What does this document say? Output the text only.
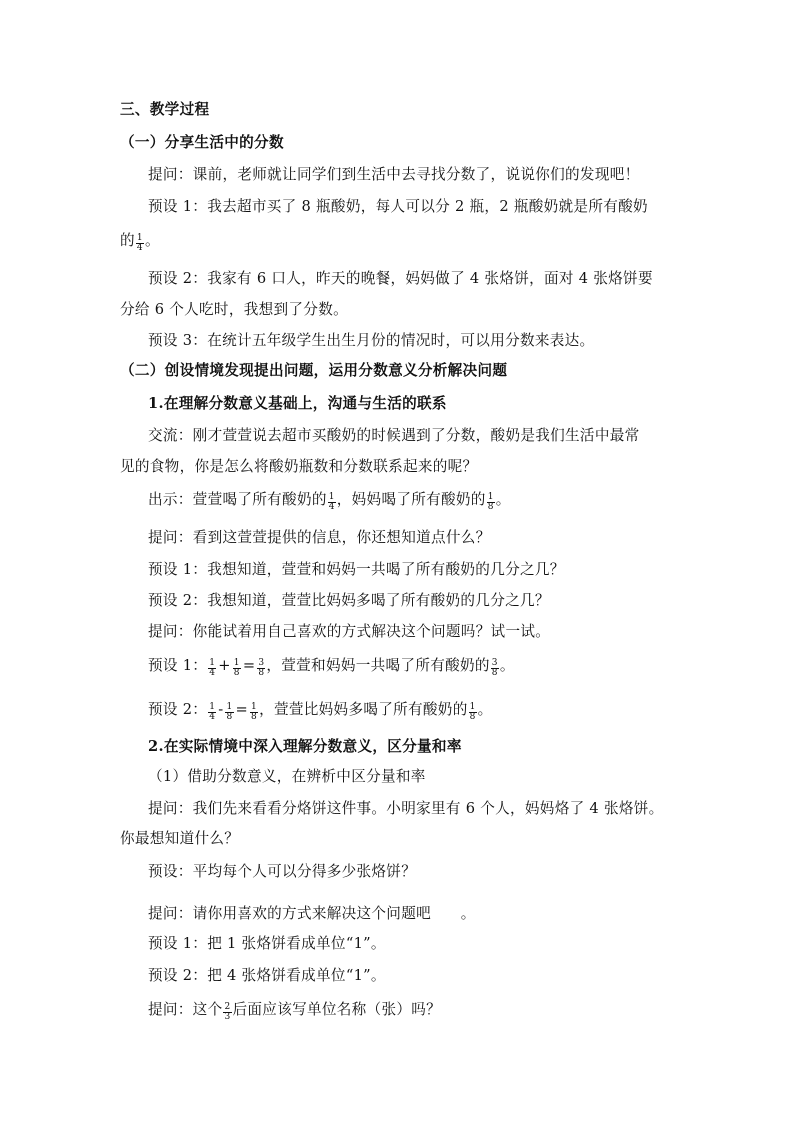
三、教学过程
（一）分享生活中的分数
提问：课前，老师就让同学们到生活中去寻找分数了，说说你们的发现吧！
预设 1：我去超市买了 8 瓶酸奶，每人可以分 2 瓶，2 瓶酸奶就是所有酸奶
的 $\frac{1}{4}$ 。
预设 2：我家有 6 口人，昨天的晚餐，妈妈做了 4 张烙饼，面对 4 张烙饼要
分给 6 个人吃时，我想到了分数。
预设 3：在统计五年级学生出生月份的情况时，可以用分数来表达。
（二）创设情境发现提出问题，运用分数意义分析解决问题
1.在理解分数意义基础上，沟通与生活的联系
交流：刚才萱萱说去超市买酸奶的时候遇到了分数，酸奶是我们生活中最常
见的食物，你是怎么将酸奶瓶数和分数联系起来的呢？
出示：萱萱喝了所有酸奶的 $\frac{1}{4}$ ，妈妈喝了所有酸奶的 $\frac{1}{8}$ 。
提问：看到这萱萱提供的信息，你还想知道点什么？
预设 1：我想知道，萱萱和妈妈一共喝了所有酸奶的几分之几？
预设 2：我想知道，萱萱比妈妈多喝了所有酸奶的几分之几？
提问：你能试着用自己喜欢的方式解决这个问题吗？试一试。
预设 1： $\frac{1}{4} + \frac{1}{8} = \frac{3}{8}$ ，萱萱和妈妈一共喝了所有酸奶的 $\frac{3}{8}$ 。
预设 2： $\frac{1}{4} - \frac{1}{8} = \frac{1}{8}$ ，萱萱比妈妈多喝了所有酸奶的 $\frac{1}{8}$ 。
2.在实际情境中深入理解分数意义，区分量和率
（1）借助分数意义，在辨析中区分量和率
提问：我们先来看看分烙饼这件事。小明家里有 6 个人，妈妈烙了 4 张烙饼。
你最想知道什么？
预设：平均每个人可以分得多少张烙饼？
提问：请你用喜欢的方式来解决这个问题吧　　。
预设 1：把 1 张烙饼看成单位“1”。
预设 2：把 4 张烙饼看成单位“1”。
提问：这个 $\frac{2}{3}$ 后面应该写单位名称（张）吗？
